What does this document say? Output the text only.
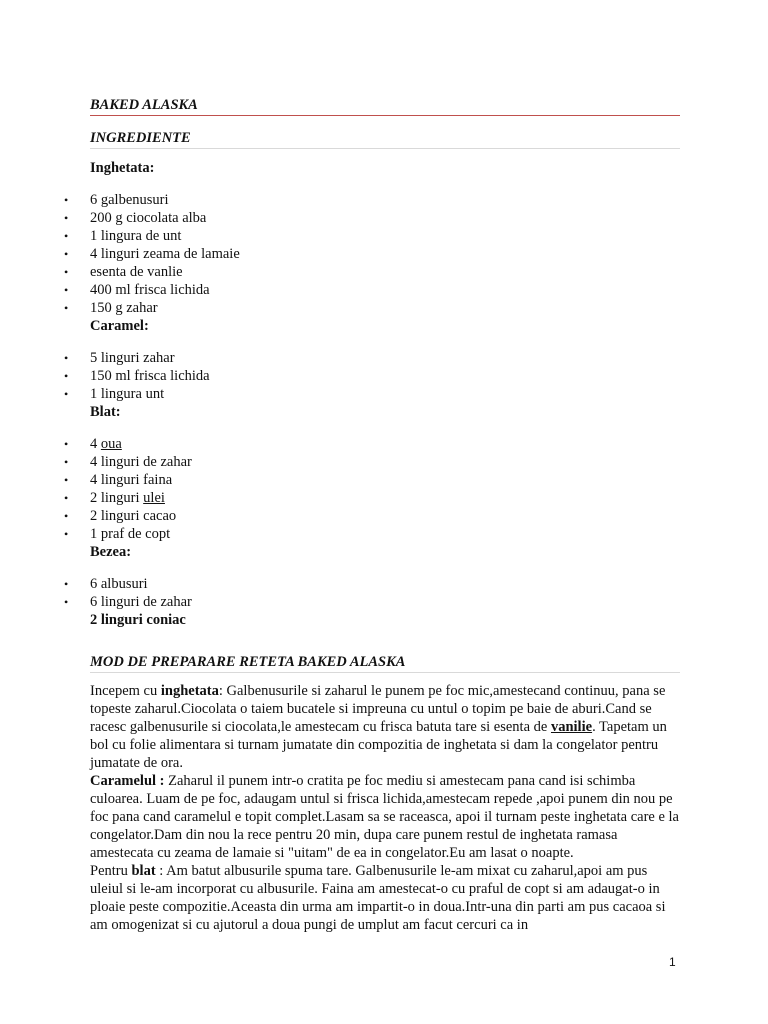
BAKED ALASKA
INGREDIENTE
Inghetata:
• 6 galbenusuri
• 200 g ciocolata alba
• 1 lingura de unt
• 4 linguri zeama de lamaie
• esenta de vanlie
• 400 ml frisca lichida
• 150 g zahar
Caramel:
• 5 linguri zahar
• 150 ml frisca lichida
• 1 lingura unt
Blat:
• 4 oua
• 4 linguri de zahar
• 4 linguri faina
• 2 linguri ulei
• 2 linguri cacao
• 1 praf de copt
Bezea:
• 6 albusuri
• 6 linguri de zahar
2 linguri coniac
MOD DE PREPARARE RETETA BAKED ALASKA

Incepem cu inghetata: Galbenusurile si zaharul le punem pe foc mic,amestecand continuu, pana se topeste zaharul.Ciocolata o taiem bucatele si impreuna cu untul o topim pe baie de aburi.Cand se racesc galbenusurile si ciocolata,le amestecam cu frisca batuta tare si esenta de vanilie. Tapetam un bol cu folie alimentara si turnam jumatate din compozitia de inghetata si dam la congelator pentru jumatate de ora.

Caramelul : Zaharul il punem intr-o cratita pe foc mediu si amestecam pana cand isi schimba culoarea. Luam de pe foc, adaugam untul si frisca lichida,amestecam repede ,apoi punem din nou pe foc pana cand caramelul e topit complet.Lasam sa se raceasca, apoi il turnam peste inghetata care e la congelator.Dam din nou la rece pentru 20 min, dupa care punem restul de inghetata ramasa amestecata cu zeama de lamaie si "uitam" de ea in congelator.Eu am lasat o noapte.

Pentru blat : Am batut albusurile spuma tare. Galbenusurile le-am mixat cu zaharul,apoi am pus uleiul si le-am incorporat cu albusurile. Faina am amestecat-o cu praful de copt si am adaugat-o in ploaie peste compozitie.Aceasta din urma am impartit-o in doua.Intr-una din parti am pus cacaoa si am omogenizat si cu ajutorul a doua pungi de umplut am facut cercuri ca in

1
